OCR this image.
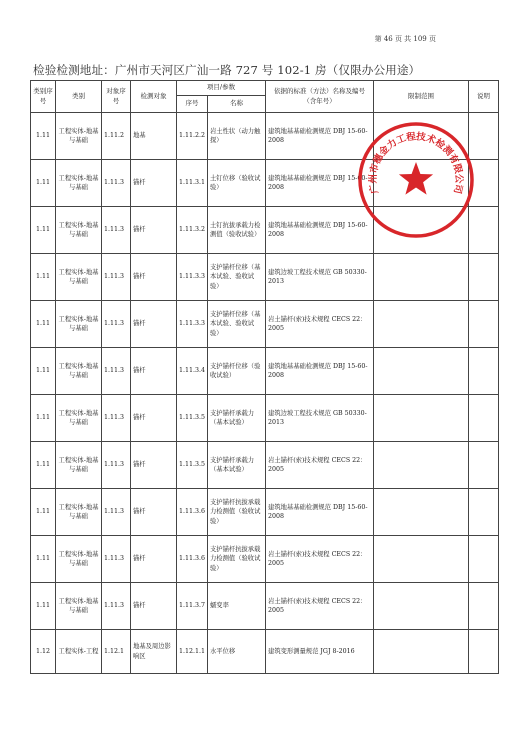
第 46 页 共 109 页
检验检测地址：广州市天河区广汕一路 727 号 102-1 房（仅限办公用途）
类别序号	类别	对象序号	检测对象	项目/参数		依据的标准（方法）名称及编号（含年号）	限制范围	说明
				序号	名称			
1.11	工程实体-地基与基础	1.11.2	地基	1.11.2.2	岩土性状（动力触探）	建筑地基基础检测规范 DBJ 15-60-2008		
1.11	工程实体-地基与基础	1.11.3	锚杆	1.11.3.1	土钉位移（验收试验）	建筑地基基础检测规范 DBJ 15-60-2008		
1.11	工程实体-地基与基础	1.11.3	锚杆	1.11.3.2	土钉抗拔承载力检测值（验收试验）	建筑地基基础检测规范 DBJ 15-60-2008		
1.11	工程实体-地基与基础	1.11.3	锚杆	1.11.3.3	支护锚杆位移（基本试验、验收试验）	建筑边坡工程技术规范 GB 50330-2013		
1.11	工程实体-地基与基础	1.11.3	锚杆	1.11.3.3	支护锚杆位移（基本试验、验收试验）	岩土锚杆(索)技术规程 CECS 22：2005		
1.11	工程实体-地基与基础	1.11.3	锚杆	1.11.3.4	支护锚杆位移（验收试验）	建筑地基基础检测规范 DBJ 15-60-2008		
1.11	工程实体-地基与基础	1.11.3	锚杆	1.11.3.5	支护锚杆承载力（基本试验）	建筑边坡工程技术规范 GB 50330-2013		
1.11	工程实体-地基与基础	1.11.3	锚杆	1.11.3.5	支护锚杆承载力（基本试验）	岩土锚杆(索)技术规程 CECS 22：2005		
1.11	工程实体-地基与基础	1.11.3	锚杆	1.11.3.6	支护锚杆抗拔承载力检测值（验收试验）	建筑地基基础检测规范 DBJ 15-60-2008		
1.11	工程实体-地基与基础	1.11.3	锚杆	1.11.3.6	支护锚杆抗拔承载力检测值（验收试验）	岩土锚杆(索)技术规程 CECS 22：2005		
1.11	工程实体-地基与基础	1.11.3	锚杆	1.11.3.7	蠕变率	岩土锚杆(索)技术规程 CECS 22：2005		
1.12	工程实体-工程	1.12.1	地基及周边影响区	1.12.1.1	水平位移	建筑变形测量规范 JGJ 8-2016		
广州市穗金力工程技术检测有限公司
